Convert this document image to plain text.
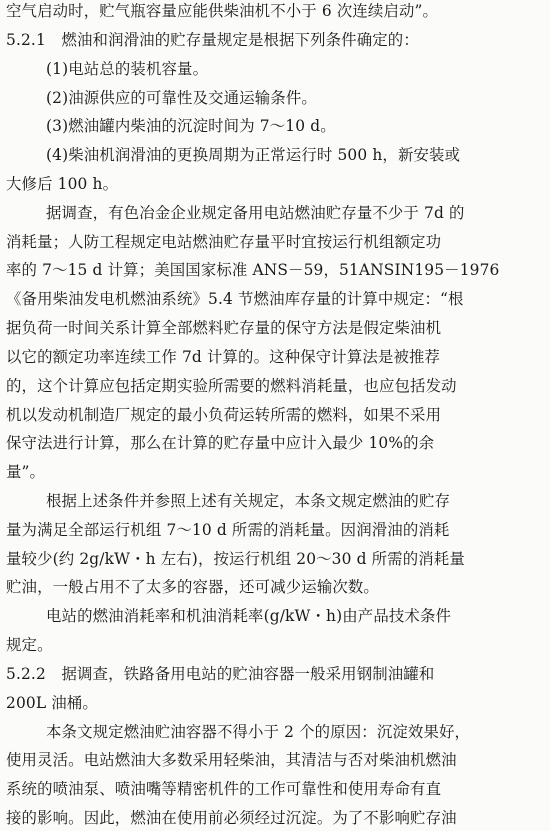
空气启动时，贮气瓶容量应能供柴油机不小于 6 次连续启动”。
5.2.1　燃油和润滑油的贮存量规定是根据下列条件确定的：
(1)电站总的装机容量。
(2)油源供应的可靠性及交通运输条件。
(3)燃油罐内柴油的沉淀时间为 7～10 d。
(4)柴油机润滑油的更换周期为正常运行时 500 h，新安装或
大修后 100 h。
据调查，有色冶金企业规定备用电站燃油贮存量不少于 7d 的
消耗量；人防工程规定电站燃油贮存量平时宜按运行机组额定功
率的 7～15 d 计算；美国国家标准 ANS－59，51ANSIN195－1976
《备用柴油发电机燃油系统》5.4 节燃油库存量的计算中规定：“根
据负荷一时间关系计算全部燃料贮存量的保守方法是假定柴油机
以它的额定功率连续工作 7d 计算的。这种保守计算法是被推荐
的，这个计算应包括定期实验所需要的燃料消耗量，也应包括发动
机以发动机制造厂规定的最小负荷运转所需的燃料，如果不采用
保守法进行计算，那么在计算的贮存量中应计入最少 10%的余
量”。
根据上述条件并参照上述有关规定，本条文规定燃油的贮存
量为满足全部运行机组 7～10 d 所需的消耗量。因润滑油的消耗
量较少(约 2g/kW・h 左右)，按运行机组 20～30 d 所需的消耗量
贮油，一般占用不了太多的容器，还可减少运输次数。
电站的燃油消耗率和机油消耗率(g/kW・h)由产品技术条件
规定。
5.2.2　据调查，铁路备用电站的贮油容器一般采用钢制油罐和
200L 油桶。
本条文规定燃油贮油容器不得小于 2 个的原因：沉淀效果好，
使用灵活。电站燃油大多数采用轻柴油，其清洁与否对柴油机燃油
系统的喷油泵、喷油嘴等精密机件的工作可靠性和使用寿命有直
接的影响。因此，燃油在使用前必须经过沉淀。为了不影响贮存油
